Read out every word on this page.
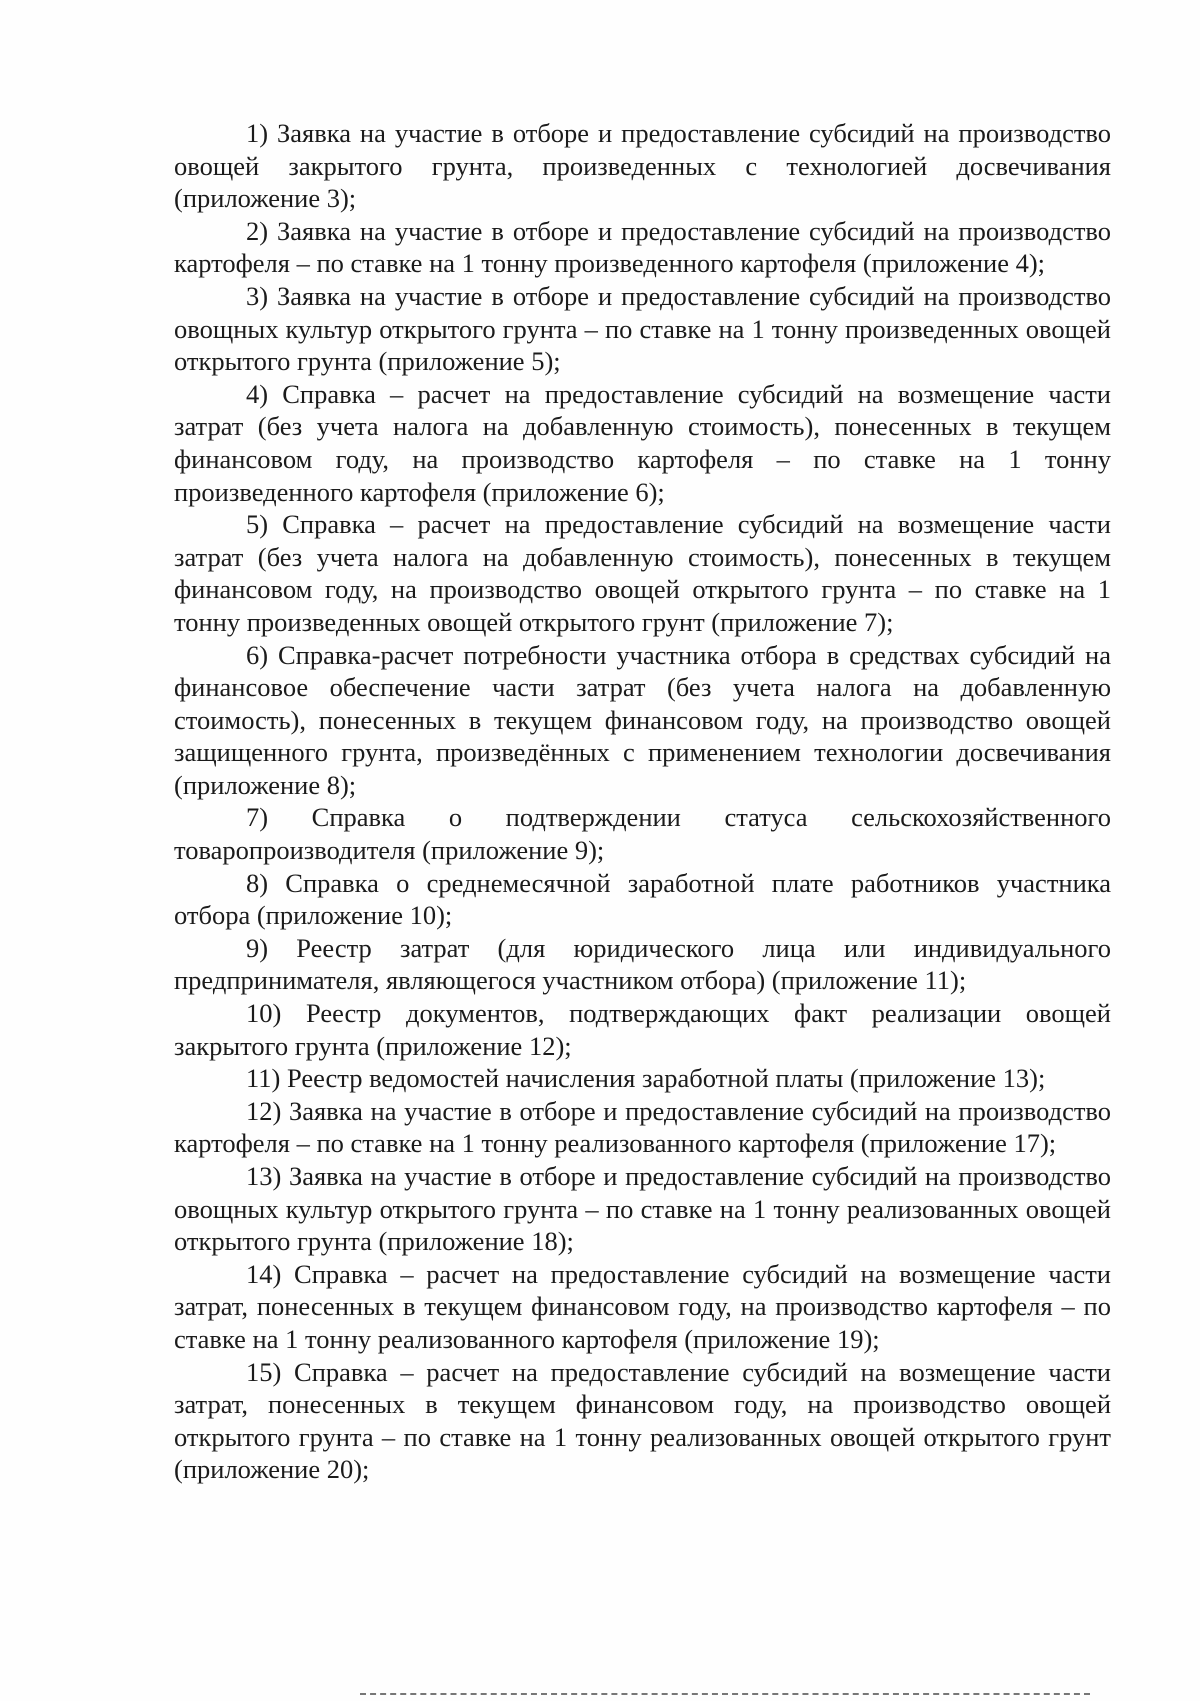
1) Заявка на участие в отборе и предоставление субсидий на производство овощей закрытого грунта, произведенных с технологией досвечивания (приложение 3);

2) Заявка на участие в отборе и предоставление субсидий на производство картофеля – по ставке на 1 тонну произведенного картофеля (приложение 4);

3) Заявка на участие в отборе и предоставление субсидий на производство овощных культур открытого грунта – по ставке на 1 тонну произведенных овощей открытого грунта (приложение 5);

4) Справка – расчет на предоставление субсидий на возмещение части затрат (без учета налога на добавленную стоимость), понесенных в текущем финансовом году, на производство картофеля – по ставке на 1 тонну произведенного картофеля (приложение 6);

5) Справка – расчет на предоставление субсидий на возмещение части затрат (без учета налога на добавленную стоимость), понесенных в текущем финансовом году, на производство овощей открытого грунта – по ставке на 1 тонну произведенных овощей открытого грунт (приложение 7);

6) Справка-расчет потребности участника отбора в средствах субсидий на финансовое обеспечение части затрат (без учета налога на добавленную стоимость), понесенных в текущем финансовом году, на производство овощей защищенного грунта, произведённых с применением технологии досвечивания (приложение 8);

7) Справка о подтверждении статуса сельскохозяйственного товаропроизводителя (приложение 9);

8) Справка о среднемесячной заработной плате работников участника отбора (приложение 10);

9) Реестр затрат (для юридического лица или индивидуального предпринимателя, являющегося участником отбора) (приложение 11);

10) Реестр документов, подтверждающих факт реализации овощей закрытого грунта (приложение 12);

11) Реестр ведомостей начисления заработной платы (приложение 13);

12) Заявка на участие в отборе и предоставление субсидий на производство картофеля – по ставке на 1 тонну реализованного картофеля (приложение 17);

13) Заявка на участие в отборе и предоставление субсидий на производство овощных культур открытого грунта – по ставке на 1 тонну реализованных овощей открытого грунта (приложение 18);

14) Справка – расчет на предоставление субсидий на возмещение части затрат, понесенных в текущем финансовом году, на производство картофеля – по ставке на 1 тонну реализованного картофеля (приложение 19);

15) Справка – расчет на предоставление субсидий на возмещение части затрат, понесенных в текущем финансовом году, на производство овощей открытого грунта – по ставке на 1 тонну реализованных овощей открытого грунт (приложение 20);
